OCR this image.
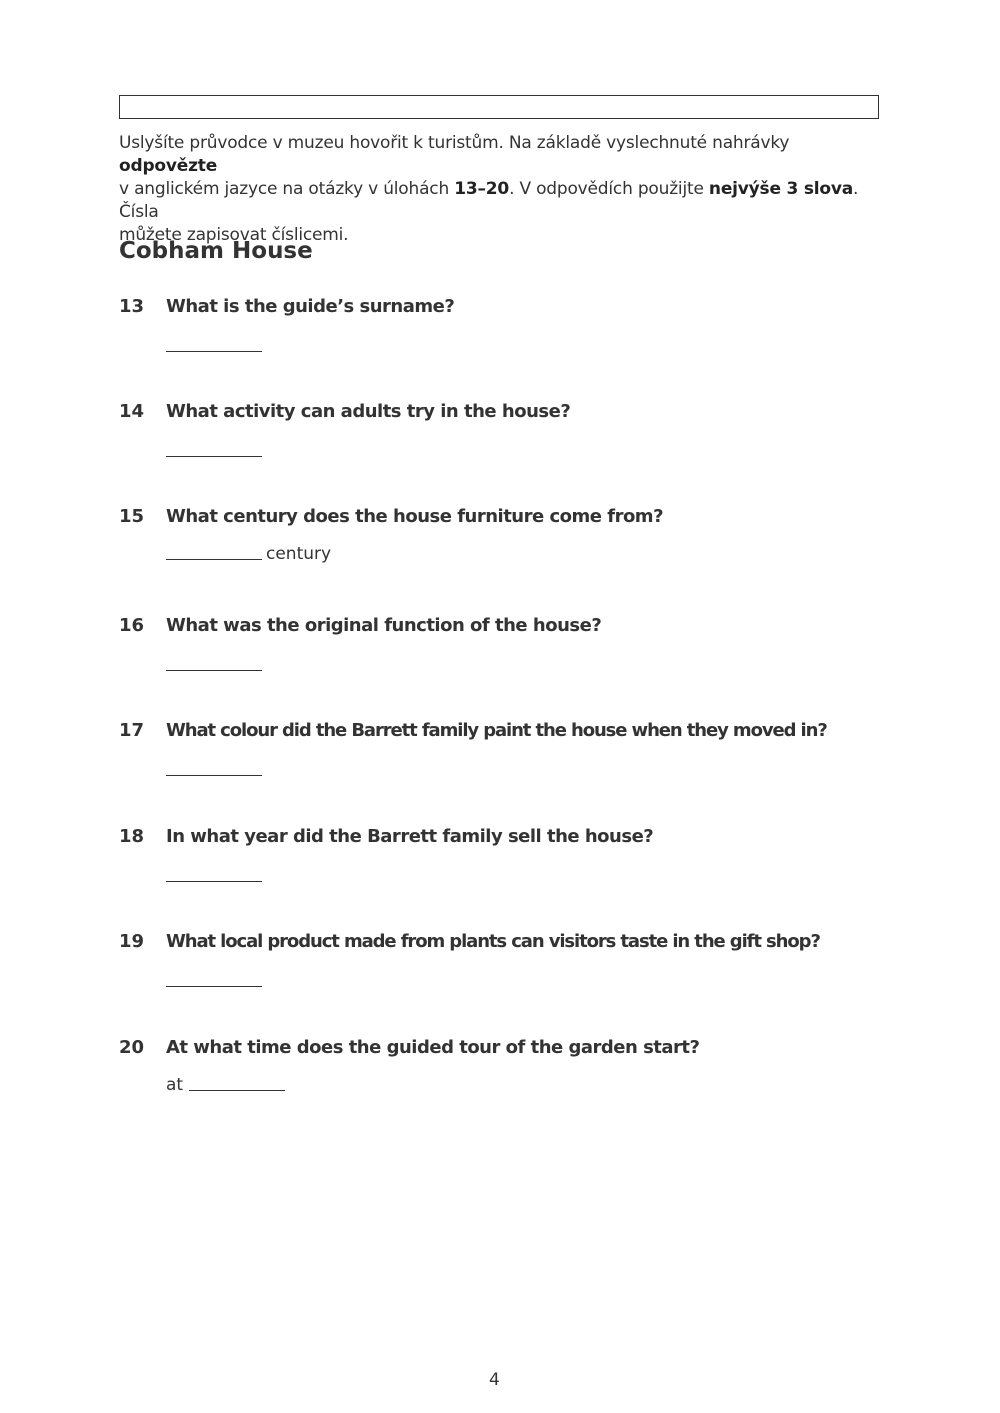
Uslyšíte průvodce v muzeu hovořit k turistům. Na základě vyslechnuté nahrávky odpovězte
v anglickém jazyce na otázky v úlohách 13–20. V odpovědích použijte nejvýše 3 slova. Čísla
můžete zapisovat číslicemi.
Cobham House
13 What is the guide’s surname?
14 What activity can adults try in the house?
15 What century does the house furniture come from?
century
16 What was the original function of the house?
17 What colour did the Barrett family paint the house when they moved in?
18 In what year did the Barrett family sell the house?
19 What local product made from plants can visitors taste in the gift shop?
20 At what time does the guided tour of the garden start?
at
4
